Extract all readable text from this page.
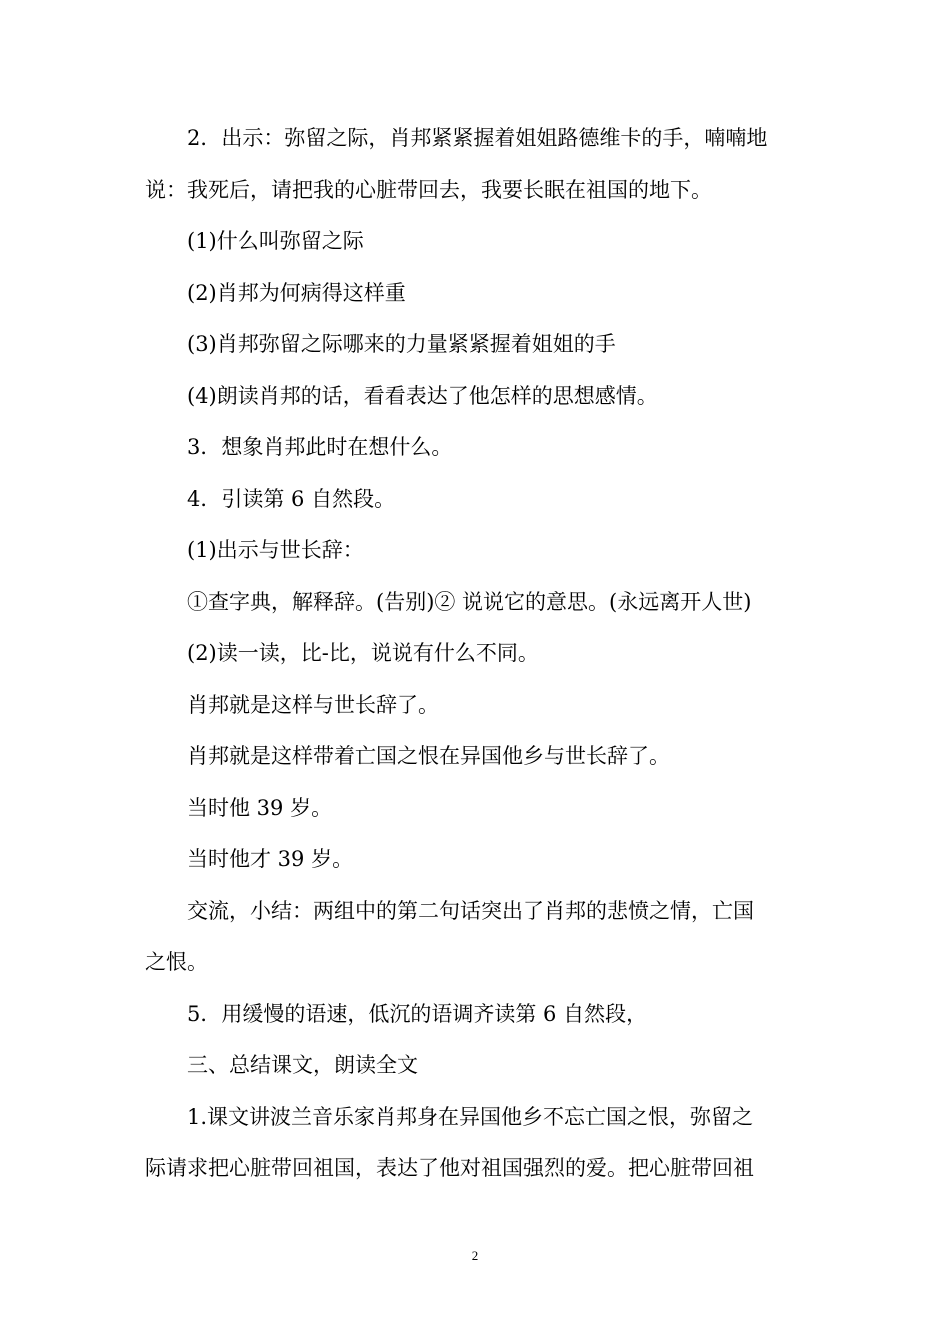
2．出示：弥留之际，肖邦紧紧握着姐姐路德维卡的手，喃喃地

说：我死后，请把我的心脏带回去，我要长眠在祖国的地下。

(1)什么叫弥留之际

(2)肖邦为何病得这样重

(3)肖邦弥留之际哪来的力量紧紧握着姐姐的手

(4)朗读肖邦的话，看看表达了他怎样的思想感情。

3．想象肖邦此时在想什么。

4．引读第 6 自然段。

(1)出示与世长辞：

①查字典，解释辞。(告别)② 说说它的意思。(永远离开人世)

(2)读一读，比-比，说说有什么不同。

肖邦就是这样与世长辞了。

肖邦就是这样带着亡国之恨在异国他乡与世长辞了。

当时他 39 岁。

当时他才 39 岁。

交流，小结：两组中的第二句话突出了肖邦的悲愤之情，亡国

之恨。

5．用缓慢的语速，低沉的语调齐读第 6 自然段，

三、总结课文，朗读全文

1.课文讲波兰音乐家肖邦身在异国他乡不忘亡国之恨，弥留之

际请求把心脏带回祖国，表达了他对祖国强烈的爱。把心脏带回祖

2
